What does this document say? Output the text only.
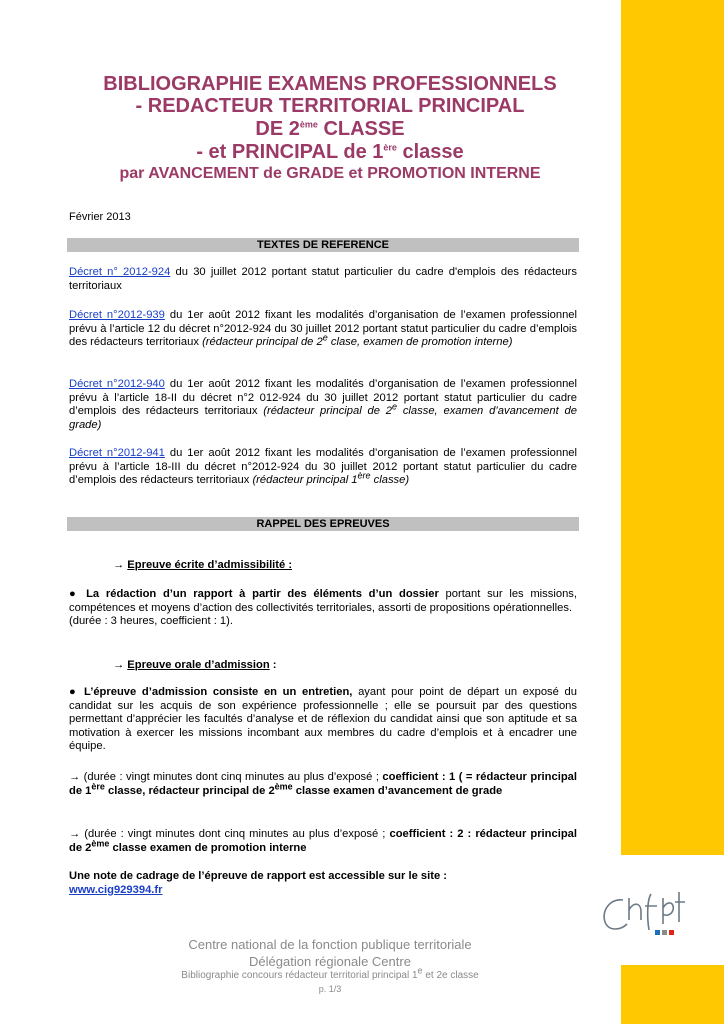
BIBLIOGRAPHIE EXAMENS PROFESSIONNELS
- REDACTEUR TERRITORIAL PRINCIPAL
DE 2ème CLASSE
- et PRINCIPAL de 1ère classe
par AVANCEMENT de GRADE et PROMOTION INTERNE
Février 2013
TEXTES DE REFERENCE
Décret n° 2012-924 du 30 juillet 2012 portant statut particulier du cadre d'emplois des rédacteurs territoriaux
Décret n°2012-939 du 1er août 2012 fixant les modalités d’organisation de l’examen professionnel prévu à l’article 12 du décret n°2012-924 du 30 juillet 2012 portant statut particulier du cadre d’emplois des rédacteurs territoriaux (rédacteur principal de 2e clase, examen de promotion interne)
Décret n°2012-940 du 1er août 2012 fixant les modalités d’organisation de l’examen professionnel prévu à l’article 18-II du décret n°2 012-924 du 30 juillet 2012 portant statut particulier du cadre d’emplois des rédacteurs territoriaux (rédacteur principal de 2e classe, examen d’avancement de grade)
Décret n°2012-941 du 1er août 2012 fixant les modalités d’organisation de l’examen professionnel prévu à l’article 18-III du décret n°2012-924 du 30 juillet 2012 portant statut particulier du cadre d’emplois des rédacteurs territoriaux (rédacteur principal 1ère classe)
RAPPEL DES EPREUVES
→ Epreuve écrite d’admissibilité :
● La rédaction d’un rapport à partir des éléments d’un dossier portant sur les missions, compétences et moyens d’action des collectivités territoriales, assorti de propositions opérationnelles.
(durée : 3 heures, coefficient : 1).
→ Epreuve orale d’admission :
● L’épreuve d’admission consiste en un entretien, ayant pour point de départ un exposé du candidat sur les acquis de son expérience professionnelle ; elle se poursuit par des questions permettant d’apprécier les facultés d’analyse et de réflexion du candidat ainsi que son aptitude et sa motivation à exercer les missions incombant aux membres du cadre d’emplois et à encadrer une équipe.
→ (durée : vingt minutes dont cinq minutes au plus d’exposé ; coefficient : 1 ( = rédacteur principal de 1ère classe, rédacteur principal de 2ème classe examen d’avancement de grade
→ (durée : vingt minutes dont cinq minutes au plus d’exposé ; coefficient : 2 : rédacteur principal de 2ème classe examen de promotion interne
Une note de cadrage de l’épreuve de rapport est accessible sur le site :
www.cig929394.fr
Centre national de la fonction publique territoriale
Délégation régionale Centre
Bibliographie concours rédacteur territorial principal 1e et 2e classe
p. 1/3
